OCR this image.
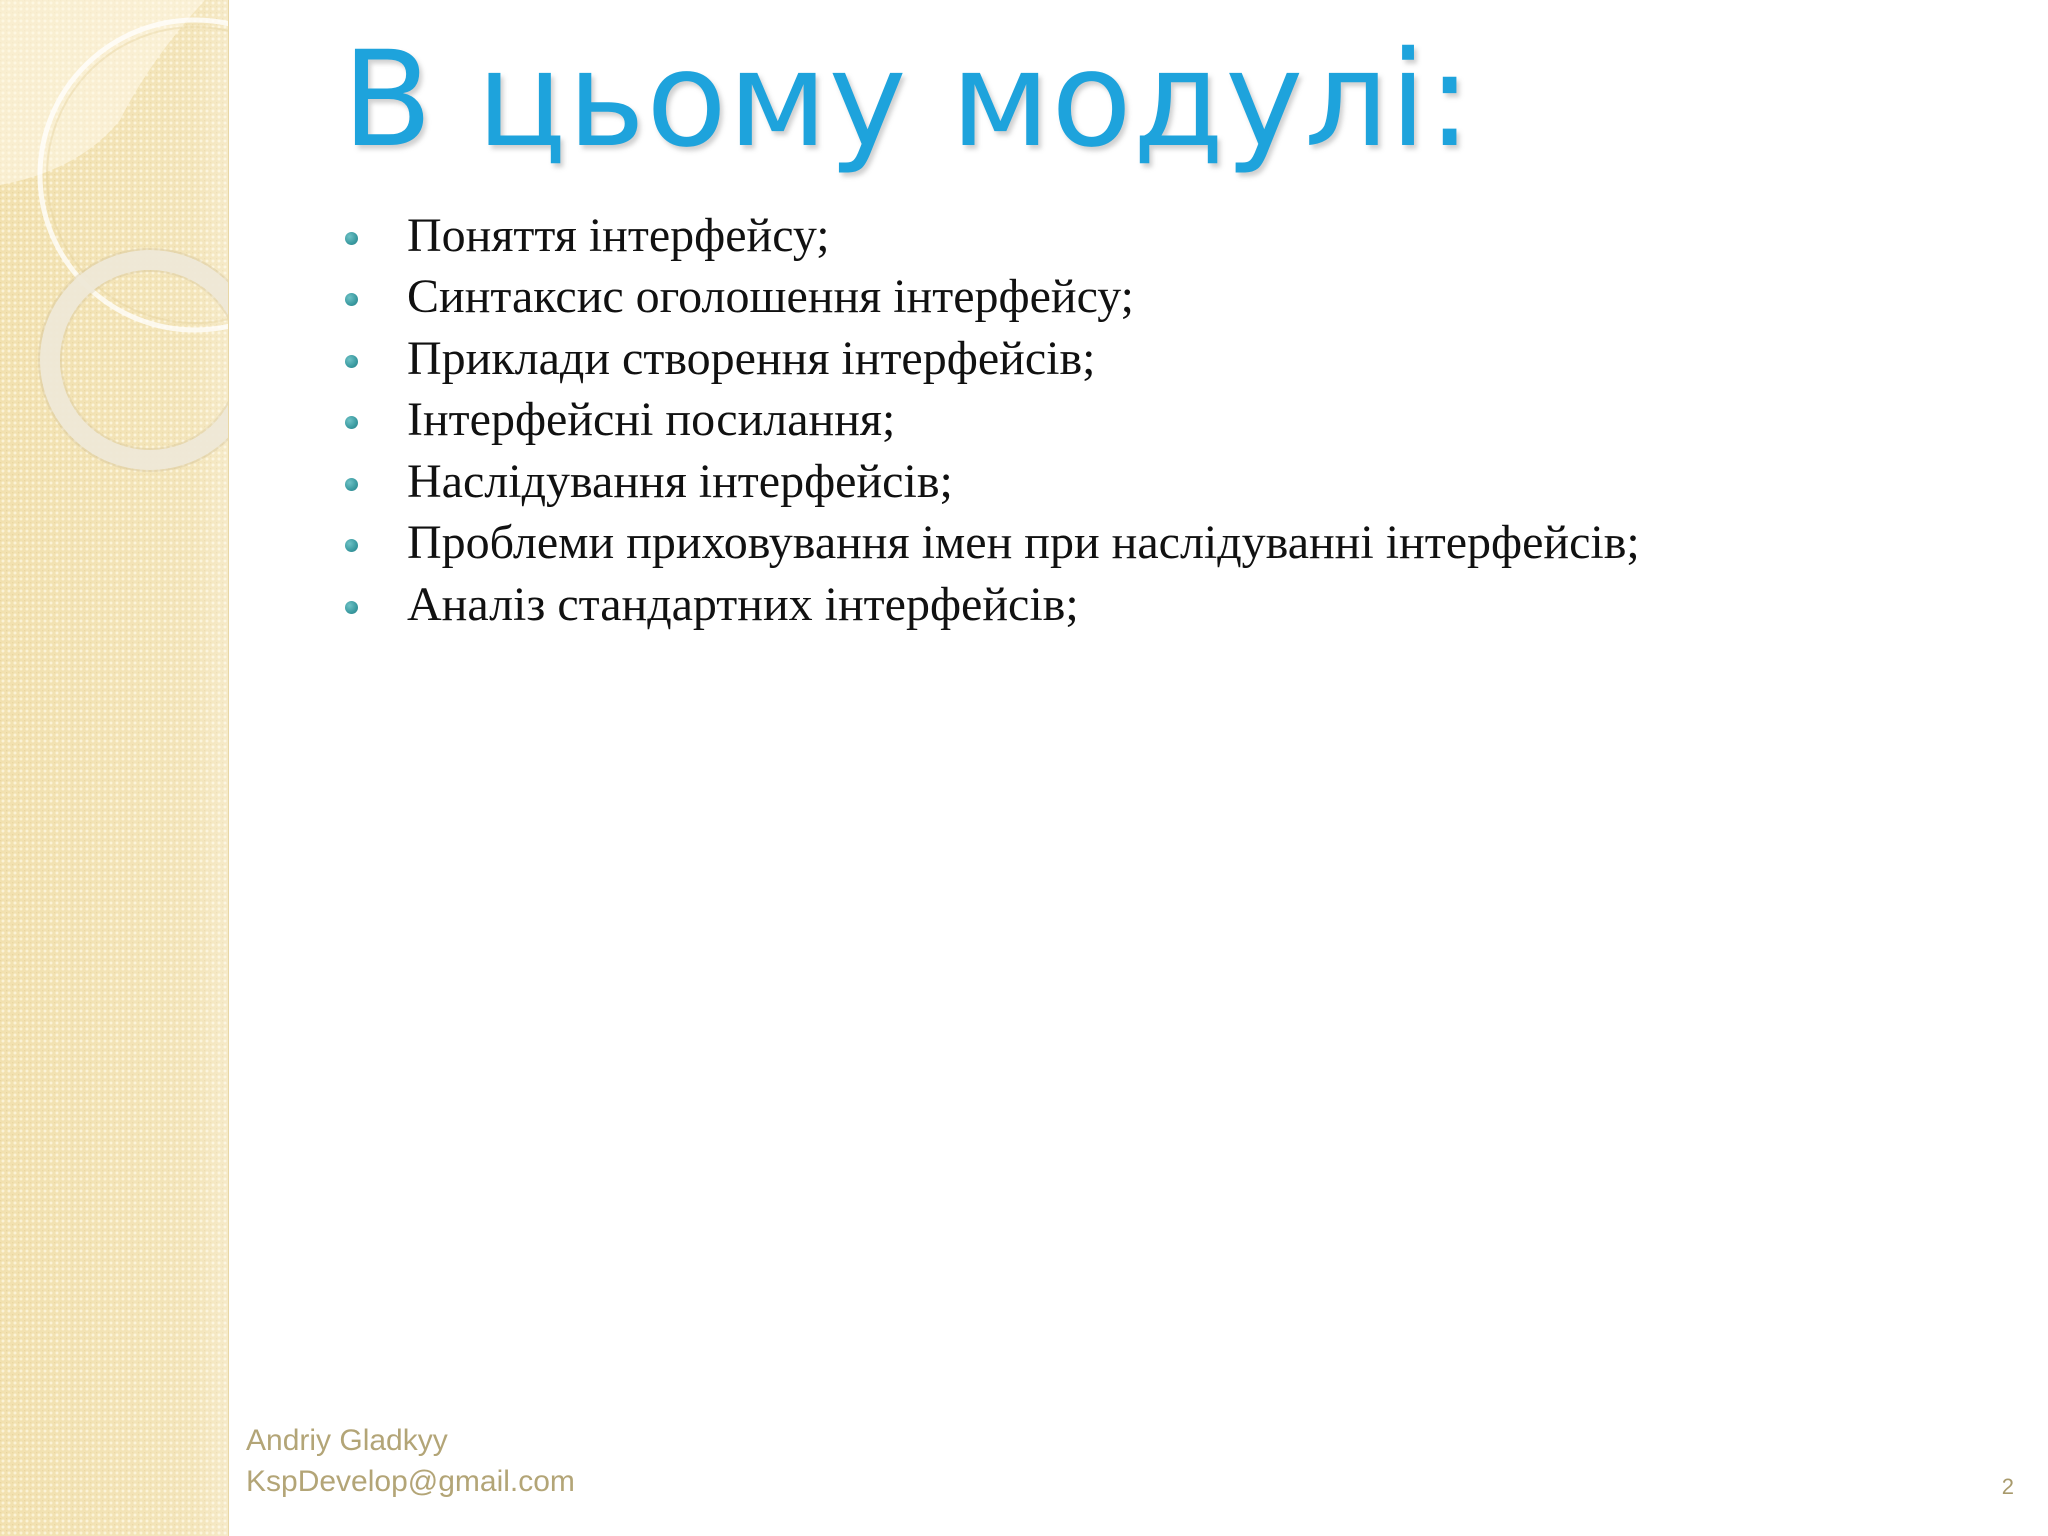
В цьому модулі:
Поняття інтерфейсу;
Синтаксис оголошення інтерфейсу;
Приклади створення інтерфейсів;
Інтерфейсні посилання;
Наслідування інтерфейсів;
Проблеми приховування імен при наслідуванні інтерфейсів;
Аналіз стандартних інтерфейсів;
Andriy Gladkyy
KspDevelop@gmail.com	2
